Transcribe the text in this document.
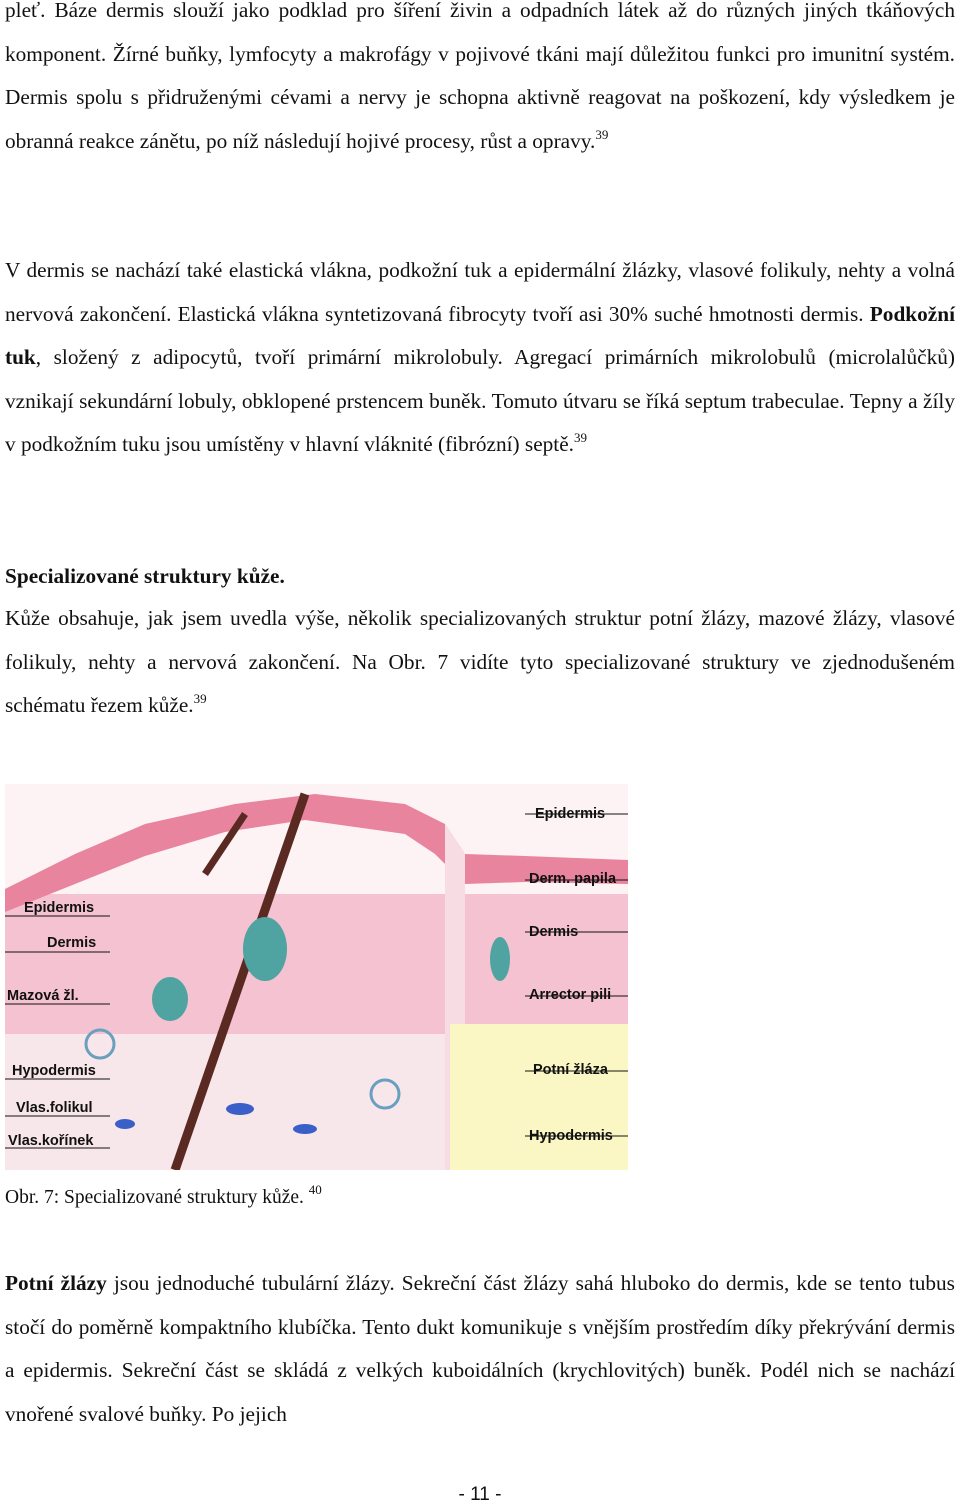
pleť. Báze dermis slouží jako podklad pro šíření živin a odpadních látek až do různých jiných tkáňových komponent. Žírné buňky, lymfocyty a makrofágy v pojivové tkáni mají důležitou funkci pro imunitní systém. Dermis spolu s přidruženými cévami a nervy je schopna aktivně reagovat na poškození, kdy výsledkem je obranná reakce zánětu, po níž následují hojivé procesy, růst a opravy.$^{39}$

V dermis se nachází také elastická vlákna, podkožní tuk a epidermální žlázky, vlasové folikuly, nehty a volná nervová zakončení. Elastická vlákna syntetizovaná fibrocyty tvoří asi 30% suché hmotnosti dermis. Podkožní tuk, složený z adipocytů, tvoří primární mikrolobuly. Agregací primárních mikrolobulů (microlalůčků) vznikají sekundární lobuly, obklopené prstencem buněk. Tomuto útvaru se říká septum trabeculae. Tepny a žíly v podkožním tuku jsou umístěny v hlavní vláknité (fibrózní) septě.$^{39}$

Specializované struktury kůže.

Kůže obsahuje, jak jsem uvedla výše, několik specializovaných struktur potní žlázy, mazové žlázy, vlasové folikuly, nehty a nervová zakončení. Na Obr. 7 vidíte tyto specializované struktury ve zjednodušeném schématu řezem kůže.$^{39}$

Epidermis
Dermis
Mazová žl.
Hypodermis
Vlas.folikul
Vlas.kořínek
Epidermis
Derm. papila
Dermis
Arrector pili
Potní žláza
Hypodermis

Obr. 7: Specializované struktury kůže. $^{40}$

Potní žlázy jsou jednoduché tubulární žlázy. Sekreční část žlázy sahá hluboko do dermis, kde se tento tubus stočí do poměrně kompaktního klubíčka. Tento dukt komunikuje s vnějším prostředím díky překrývání dermis a epidermis. Sekreční část se skládá z velkých kuboidálních (krychlovitých) buněk. Podél nich se nachází vnořené svalové buňky. Po jejich

- 11 -
